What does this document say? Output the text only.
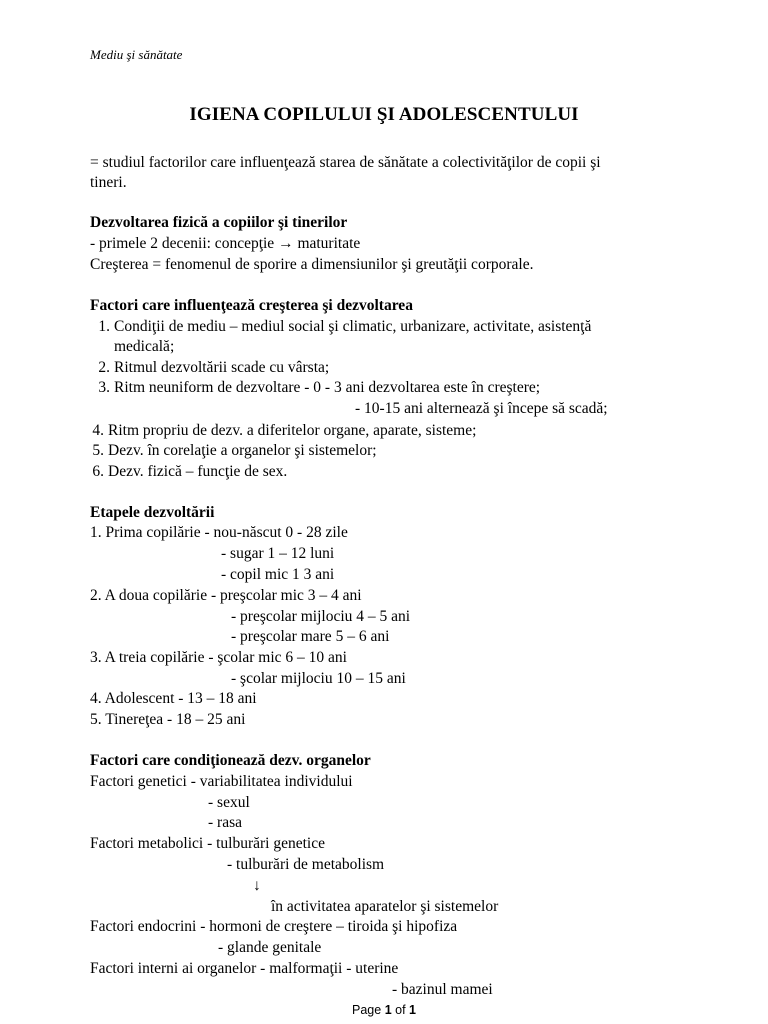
Mediu şi sănătate
IGIENA COPILULUI ŞI ADOLESCENTULUI
= studiul factorilor care influenţează starea de sănătate a colectivităţilor de copii şi
tineri.
Dezvoltarea fizică a copiilor şi tinerilor
- primele 2 decenii: concepţie → maturitate
Creşterea = fenomenul de sporire a dimensiunilor şi greutăţii corporale.
Factori care influenţează creşterea şi dezvoltarea
1. Condiţii de mediu – mediul social şi climatic, urbanizare, activitate, asistenţă
medicală;
2. Ritmul dezvoltării scade cu vârsta;
3. Ritm neuniform de dezvoltare - 0 - 3 ani dezvoltarea este în creştere;
- 10-15 ani alternează şi începe să scadă;
4. Ritm propriu de dezv. a diferitelor organe, aparate, sisteme;
5. Dezv. în corelaţie a organelor şi sistemelor;
6. Dezv. fizică – funcţie de sex.
Etapele dezvoltării
1. Prima copilărie - nou-născut 0 - 28 zile
- sugar 1 – 12 luni
- copil mic 1 3 ani
2. A doua copilărie - preşcolar mic 3 – 4 ani
- preşcolar mijlociu 4 – 5 ani
- preşcolar mare 5 – 6 ani
3. A treia copilărie - şcolar mic 6 – 10 ani
- şcolar mijlociu 10 – 15 ani
4. Adolescent - 13 – 18 ani
5. Tinereţea - 18 – 25 ani
Factori care condiţionează dezv. organelor
Factori genetici - variabilitatea individului
- sexul
- rasa
Factori metabolici - tulburări genetice
- tulburări de metabolism
↓
în activitatea aparatelor şi sistemelor
Factori endocrini - hormoni de creştere – tiroida şi hipofiza
- glande genitale
Factori interni ai organelor - malformaţii - uterine
- bazinul mamei
Page 1 of 1
